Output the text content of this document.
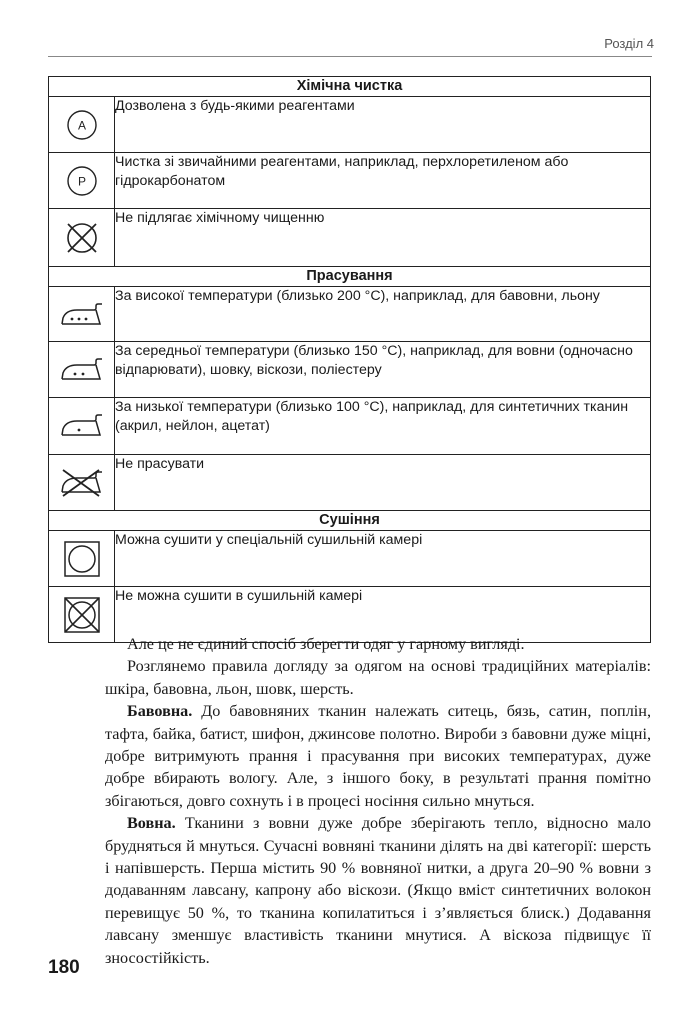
Розділ 4
Хімічна чистка	

A	Дозволена з будь-якими реагентами

P	Чистка зі звичайними реагентами, наприклад, перхлоретиленом або гідрокарбонатом

	Не підлягає хімічному чищенню
Прасування	

	За високої температури (близько 200 °С), наприклад, для бавовни, льону

	За середньої температури (близько 150 °С), наприклад, для вовни (одночасно відпарювати), шовку, віскози, поліестеру

	За низької температури (близько 100 °С), наприклад, для синтетичних тканин (акрил, нейлон, ацетат)

	Не прасувати
Сушіння	

	Можна сушити у спеціальній сушильній камері

	Не можна сушити в сушильній камері

Але це не єдиний спосіб зберегти одяг у гарному вигляді.

Розглянемо правила догляду за одягом на основі традиційних матеріалів: шкіра, бавовна, льон, шовк, шерсть.

Бавовна. До бавовняних тканин належать ситець, бязь, сатин, поплін, тафта, байка, батист, шифон, джинсове полотно. Вироби з бавовни дуже міцні, добре витримують прання і прасування при високих температурах, дуже добре вбирають вологу. Але, з іншого боку, в результаті прання помітно збігаються, довго сохнуть і в процесі носіння сильно мнуться.

Вовна. Тканини з вовни дуже добре зберігають тепло, відносно мало брудняться й мнуться. Сучасні вовняні тканини ділять на дві категорії: шерсть і напівшерсть. Перша містить 90 % вовняної нитки, а друга 20–90 % вовни з додаванням лавсану, капрону або віскози. (Якщо вміст синтетичних волокон перевищує 50 %, то тканина копилатиться і з’являється блиск.) Додавання лавсану зменшує властивість тканини мнутися. А віскоза підвищує її зносостійкість.

180
